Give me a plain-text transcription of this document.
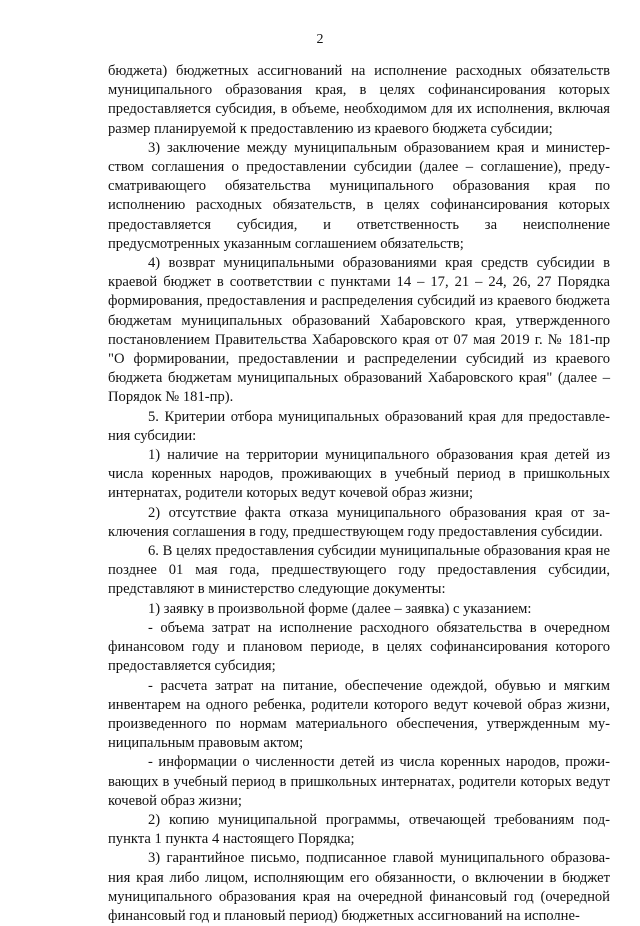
2

бюджета) бюджетных ассигнований на исполнение расходных обязательств муниципального образования края, в целях софинансирования которых предоставляется субсидия, в объеме, необходимом для их исполнения, включая размер планируемой к предоставлению из краевого бюджета субсидии;

3) заключение между муниципальным образованием края и министерством соглашения о предоставлении субсидии (далее – соглашение), предусматривающего обязательства муниципального образования края по исполнению расходных обязательств, в целях софинансирования которых предоставляется субсидия, и ответственность за неисполнение предусмотренных указанным соглашением обязательств;

4) возврат муниципальными образованиями края средств субсидии в краевой бюджет в соответствии с пунктами 14 – 17, 21 – 24, 26, 27 Порядка формирования, предоставления и распределения субсидий из краевого бюджета бюджетам муниципальных образований Хабаровского края, утвержденного постановлением Правительства Хабаровского края от 07 мая 2019 г. № 181-пр "О формировании, предоставлении и распределении субсидий из краевого бюджета бюджетам муниципальных образований Хабаровского края" (далее – Порядок № 181-пр).

5. Критерии отбора муниципальных образований края для предоставления субсидии:

1) наличие на территории муниципального образования края детей из числа коренных народов, проживающих в учебный период в пришкольных интернатах, родители которых ведут кочевой образ жизни;

2) отсутствие факта отказа муниципального образования края от заключения соглашения в году, предшествующем году предоставления субсидии.

6. В целях предоставления субсидии муниципальные образования края не позднее 01 мая года, предшествующего году предоставления субсидии, представляют в министерство следующие документы:

1) заявку в произвольной форме (далее – заявка) с указанием:

- объема затрат на исполнение расходного обязательства в очередном финансовом году и плановом периоде, в целях софинансирования которого предоставляется субсидия;

- расчета затрат на питание, обеспечение одеждой, обувью и мягким инвентарем на одного ребенка, родители которого ведут кочевой образ жизни, произведенного по нормам материального обеспечения, утвержденным муниципальным правовым актом;

- информации о численности детей из числа коренных народов, проживающих в учебный период в пришкольных интернатах, родители которых ведут кочевой образ жизни;

2) копию муниципальной программы, отвечающей требованиям подпункта 1 пункта 4 настоящего Порядка;

3) гарантийное письмо, подписанное главой муниципального образования края либо лицом, исполняющим его обязанности, о включении в бюджет муниципального образования края на очередной финансовый год (очередной финансовый год и плановый период) бюджетных ассигнований на исполне-
